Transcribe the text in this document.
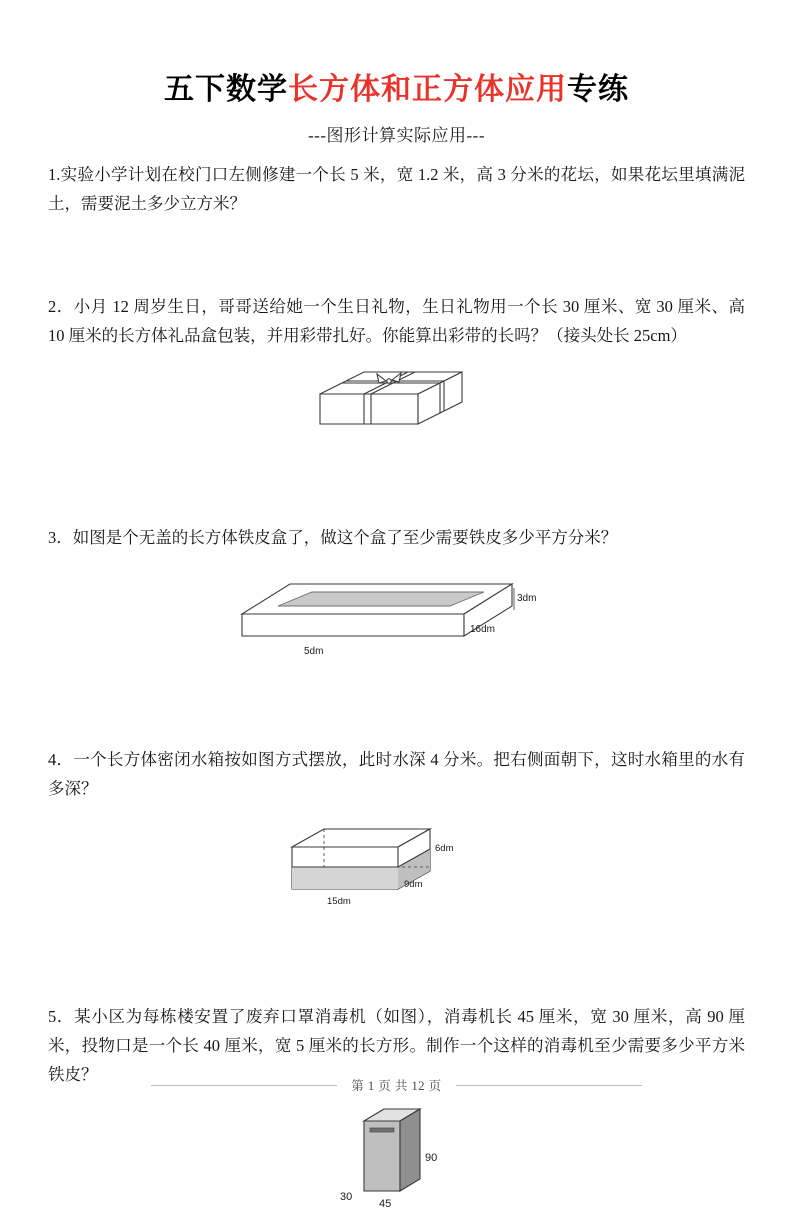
五下数学长方体和正方体应用专练
---图形计算实际应用---
1.实验小学计划在校门口左侧修建一个长 5 米，宽 1.2 米，高 3 分米的花坛，如果花坛里填满泥土，需要泥土多少立方米？
2．小月 12 周岁生日，哥哥送给她一个生日礼物，生日礼物用一个长 30 厘米、宽 30 厘米、高 10 厘米的长方体礼品盒包装，并用彩带扎好。你能算出彩带的长吗？（接头处长 25cm）
3．如图是个无盖的长方体铁皮盒了，做这个盒了至少需要铁皮多少平方分米？
3dm
16dm
5dm
4．一个长方体密闭水箱按如图方式摆放，此时水深 4 分米。把右侧面朝下，这时水箱里的水有多深？
6dm
9dm
15dm
5．某小区为每栋楼安置了废弃口罩消毒机（如图），消毒机长 45 厘米，宽 30 厘米，高 90 厘米，投物口是一个长 40 厘米，宽 5 厘米的长方形。制作一个这样的消毒机至少需要多少平方米铁皮？
90
30
45
第 1 页 共 12 页
